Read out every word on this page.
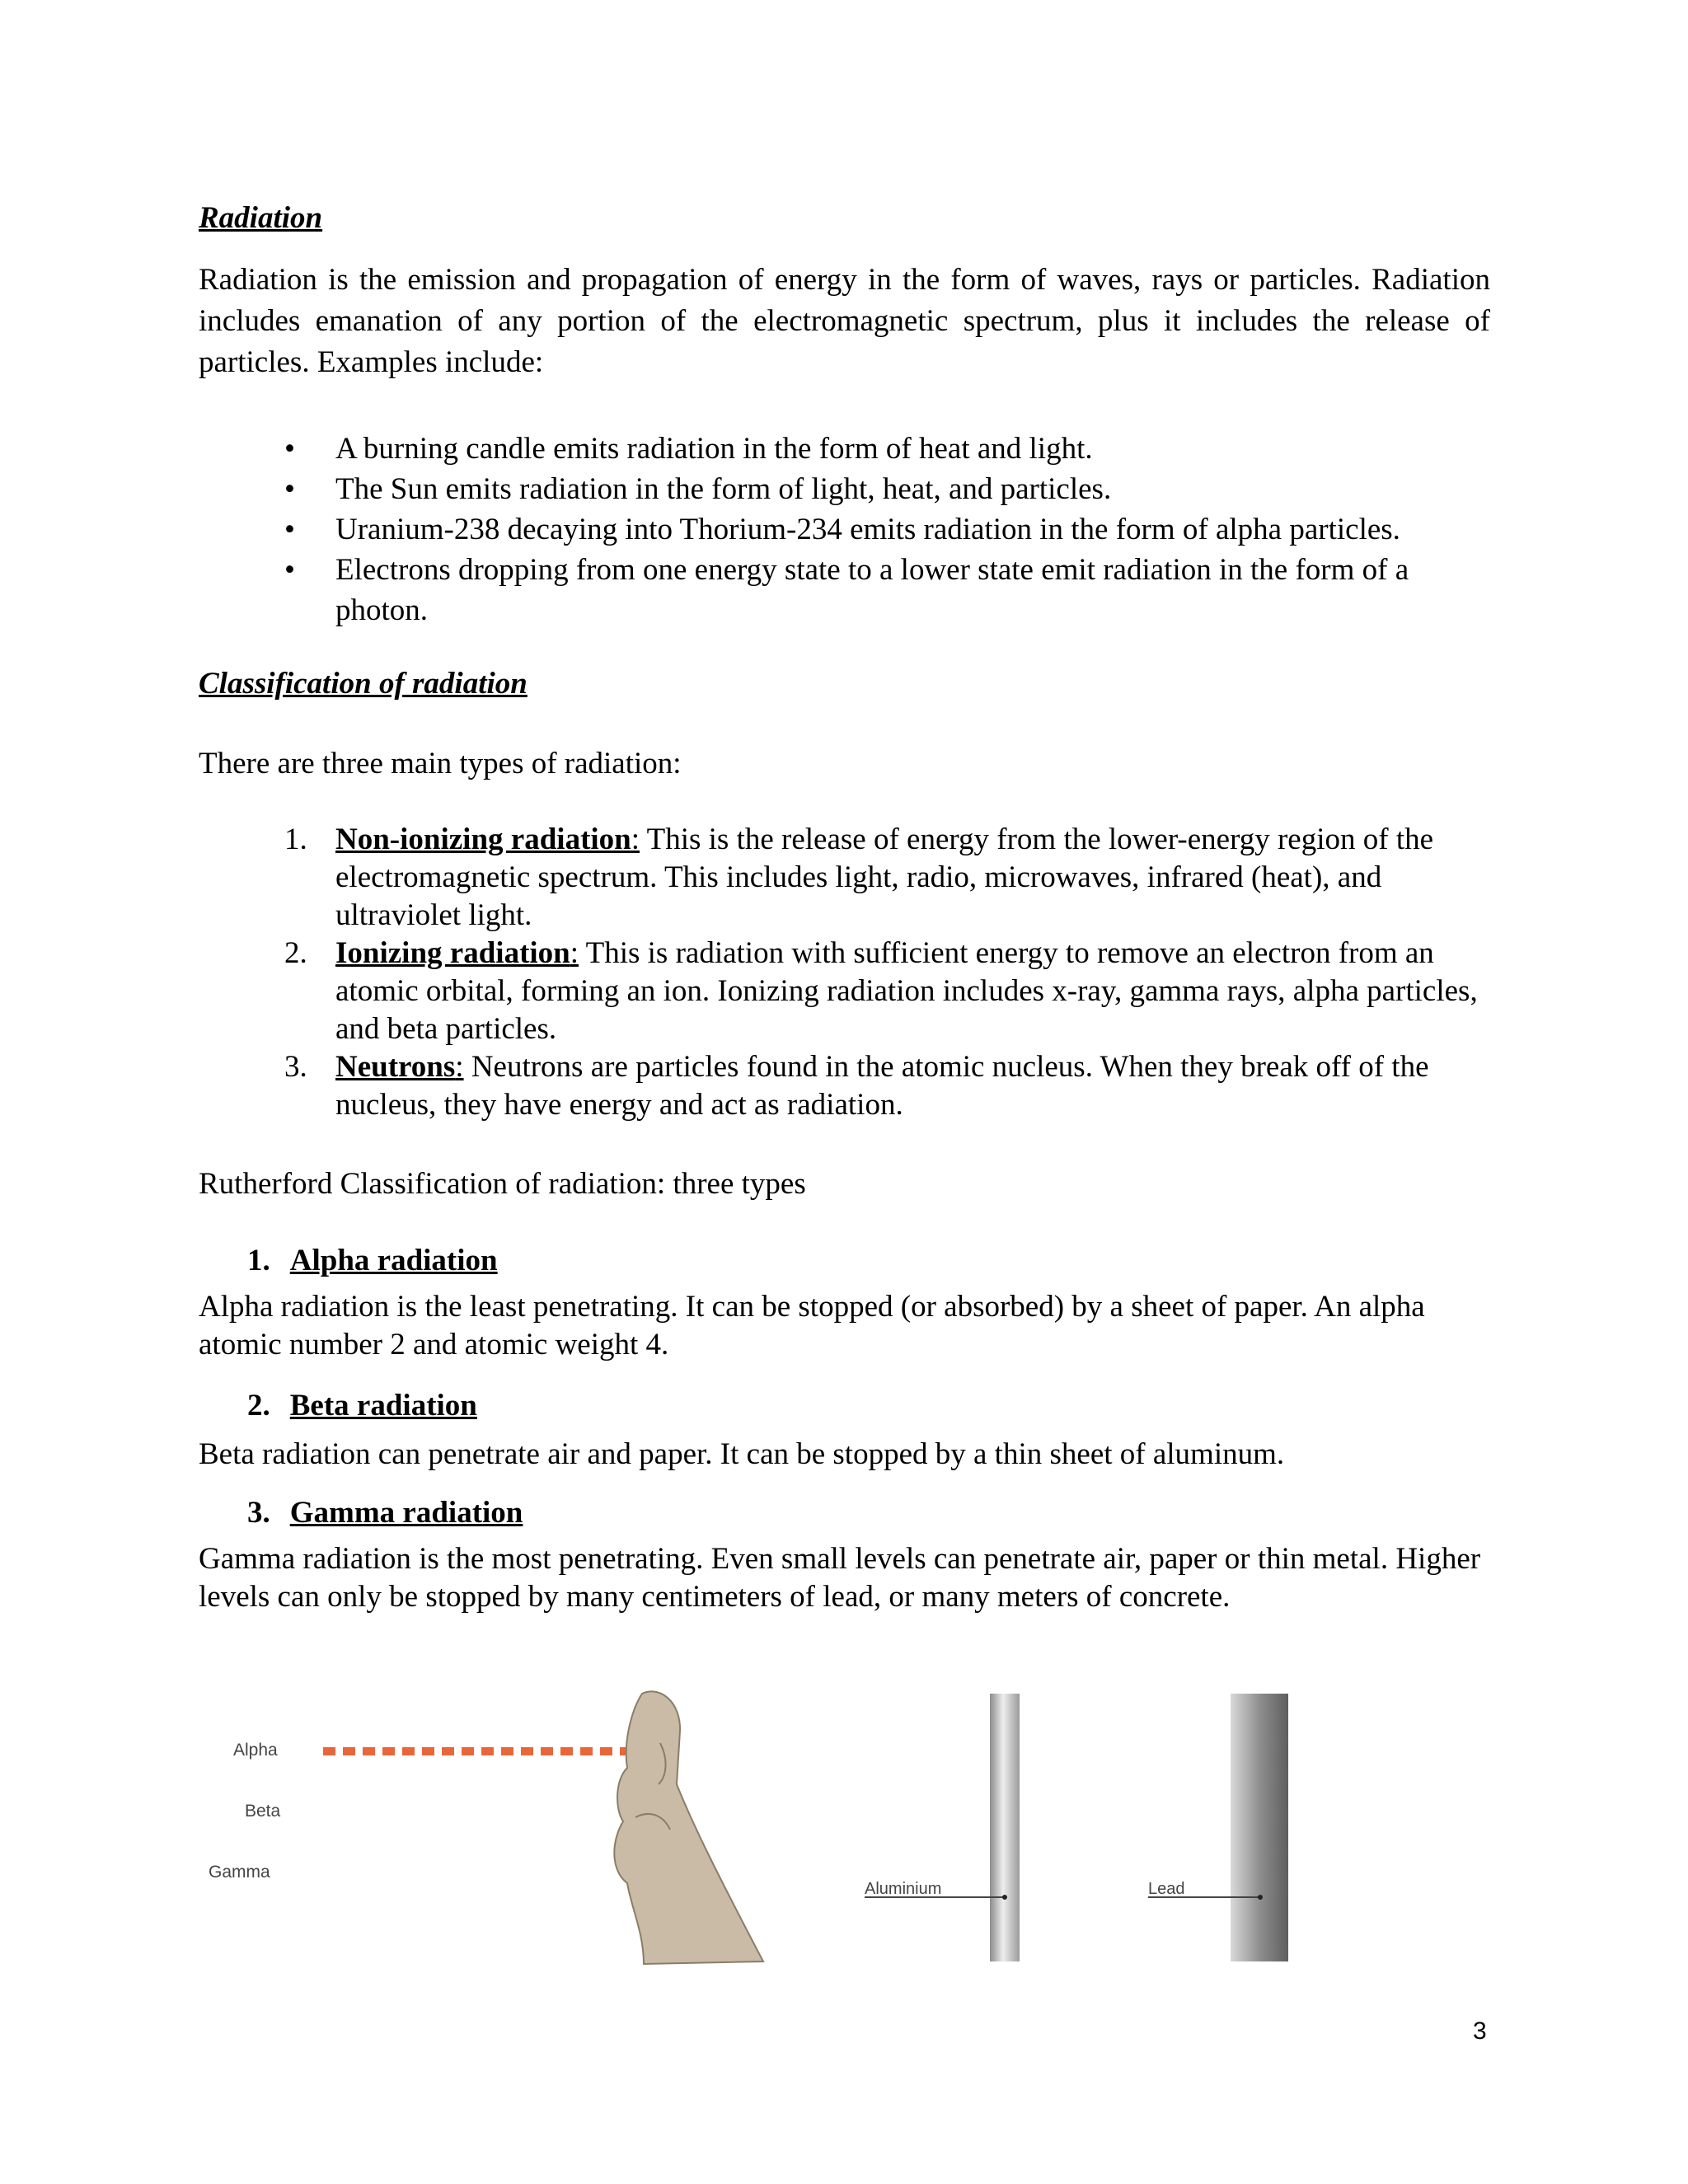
Radiation

Radiation is the emission and propagation of energy in the form of waves, rays or particles. Radiation includes emanation of any portion of the electromagnetic spectrum, plus it includes the release of particles. Examples include:

• A burning candle emits radiation in the form of heat and light.
• The Sun emits radiation in the form of light, heat, and particles.
• Uranium-238 decaying into Thorium-234 emits radiation in the form of alpha particles.
• Electrons dropping from one energy state to a lower state emit radiation in the form of a photon.
Classification of radiation

There are three main types of radiation:

1. Non-ionizing radiation: This is the release of energy from the lower-energy region of the electromagnetic spectrum. This includes light, radio, microwaves, infrared (heat), and ultraviolet light.
2. Ionizing radiation: This is radiation with sufficient energy to remove an electron from an atomic orbital, forming an ion. Ionizing radiation includes x-ray, gamma rays, alpha particles, and beta particles.
3. Neutrons: Neutrons are particles found in the atomic nucleus. When they break off of the nucleus, they have energy and act as radiation.

Rutherford Classification of radiation: three types

1. Alpha radiation

Alpha radiation is the least penetrating. It can be stopped (or absorbed) by a sheet of paper. An alpha atomic number 2 and atomic weight 4.

2. Beta radiation

Beta radiation can penetrate air and paper. It can be stopped by a thin sheet of aluminum.

3. Gamma radiation

Gamma radiation is the most penetrating. Even small levels can penetrate air, paper or thin metal. Higher levels can only be stopped by many centimeters of lead, or many meters of concrete.

Alpha
Beta
Gamma
Aluminium	Lead
3
